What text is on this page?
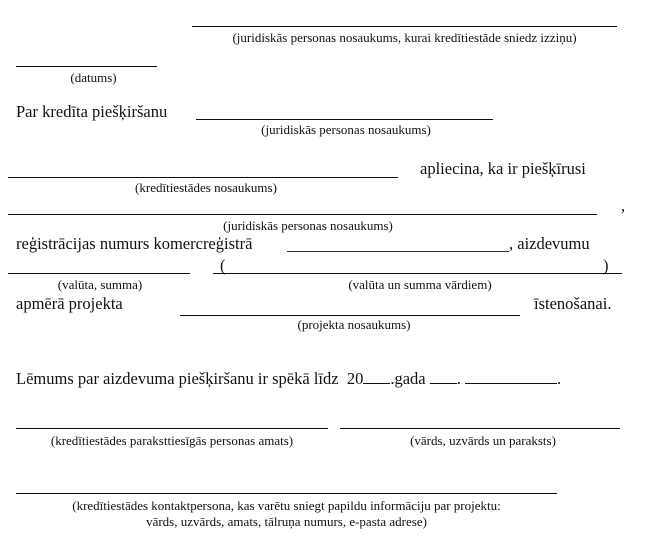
(juridiskās personas nosaukums, kurai kredītiestāde sniedz izziņu)
(datums)
Par kredīta piešķiršanu
(juridiskās personas nosaukums)
apliecina, ka ir piešķīrusi
(kredītiestādes nosaukums)
,
(juridiskās personas nosaukums)
reģistrācijas numurs komercreģistrā	, aizdevumu
(	)
(valūta, summa)	(valūta un summa vārdiem)
apmērā projekta	īstenošanai.
(projekta nosaukums)
Lēmums par aizdevuma piešķiršanu ir spēkā līdz 20 .gada .	.
(kredītiestādes paraksttiesīgās personas amats)	(vārds, uzvārds un paraksts)
(kredītiestādes kontaktpersona, kas varētu sniegt papildu informāciju par projektu:
vārds, uzvārds, amats, tālruņa numurs, e-pasta adrese)
